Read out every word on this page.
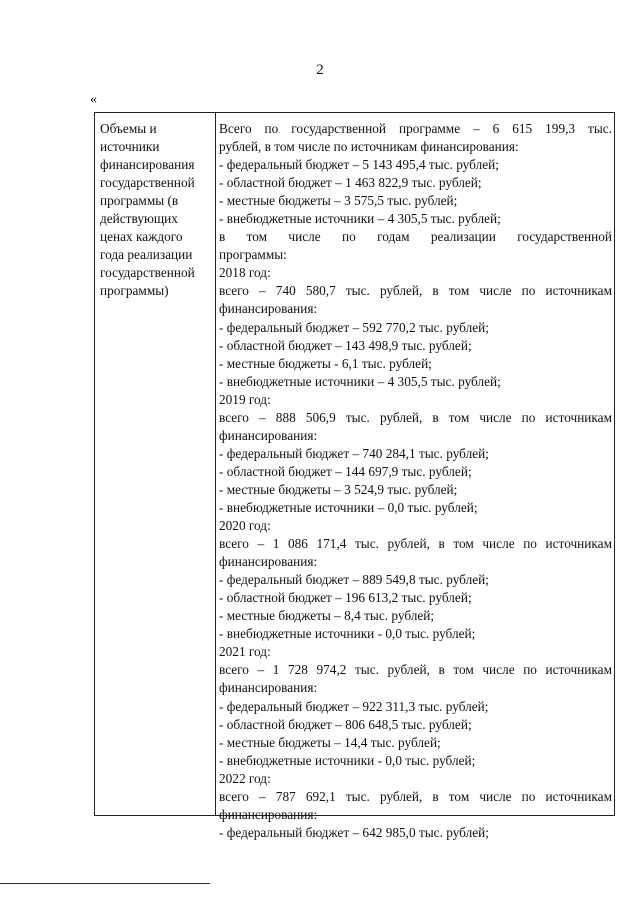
2
«
Объемы и
источники
финансирования
государственной
программы (в
действующих
ценах каждого
года реализации
государственной
программы)
Всего по государственной программе – 6 615 199,3 тыс.
рублей, в том числе по источникам финансирования:
- федеральный бюджет – 5 143 495,4 тыс. рублей;
- областной бюджет – 1 463 822,9 тыс. рублей;
- местные бюджеты – 3 575,5 тыс. рублей;
- внебюджетные источники – 4 305,5 тыс. рублей;
в том числе по годам реализации государственной
программы:
2018 год:
всего – 740 580,7 тыс. рублей, в том числе по источникам
финансирования:
- федеральный бюджет – 592 770,2 тыс. рублей;
- областной бюджет – 143 498,9 тыс. рублей;
- местные бюджеты - 6,1 тыс. рублей;
- внебюджетные источники – 4 305,5 тыс. рублей;
2019 год:
всего – 888 506,9 тыс. рублей, в том числе по источникам
финансирования:
- федеральный бюджет – 740 284,1 тыс. рублей;
- областной бюджет – 144 697,9 тыс. рублей;
- местные бюджеты – 3 524,9 тыс. рублей;
- внебюджетные источники – 0,0 тыс. рублей;
2020 год:
всего – 1 086 171,4 тыс. рублей, в том числе по источникам
финансирования:
- федеральный бюджет – 889 549,8 тыс. рублей;
- областной бюджет – 196 613,2 тыс. рублей;
- местные бюджеты – 8,4 тыс. рублей;
- внебюджетные источники - 0,0 тыс. рублей;
2021 год:
всего – 1 728 974,2 тыс. рублей, в том числе по источникам
финансирования:
- федеральный бюджет – 922 311,3 тыс. рублей;
- областной бюджет – 806 648,5 тыс. рублей;
- местные бюджеты – 14,4 тыс. рублей;
- внебюджетные источники - 0,0 тыс. рублей;
2022 год:
всего – 787 692,1 тыс. рублей, в том числе по источникам
финансирования:
- федеральный бюджет – 642 985,0 тыс. рублей;
